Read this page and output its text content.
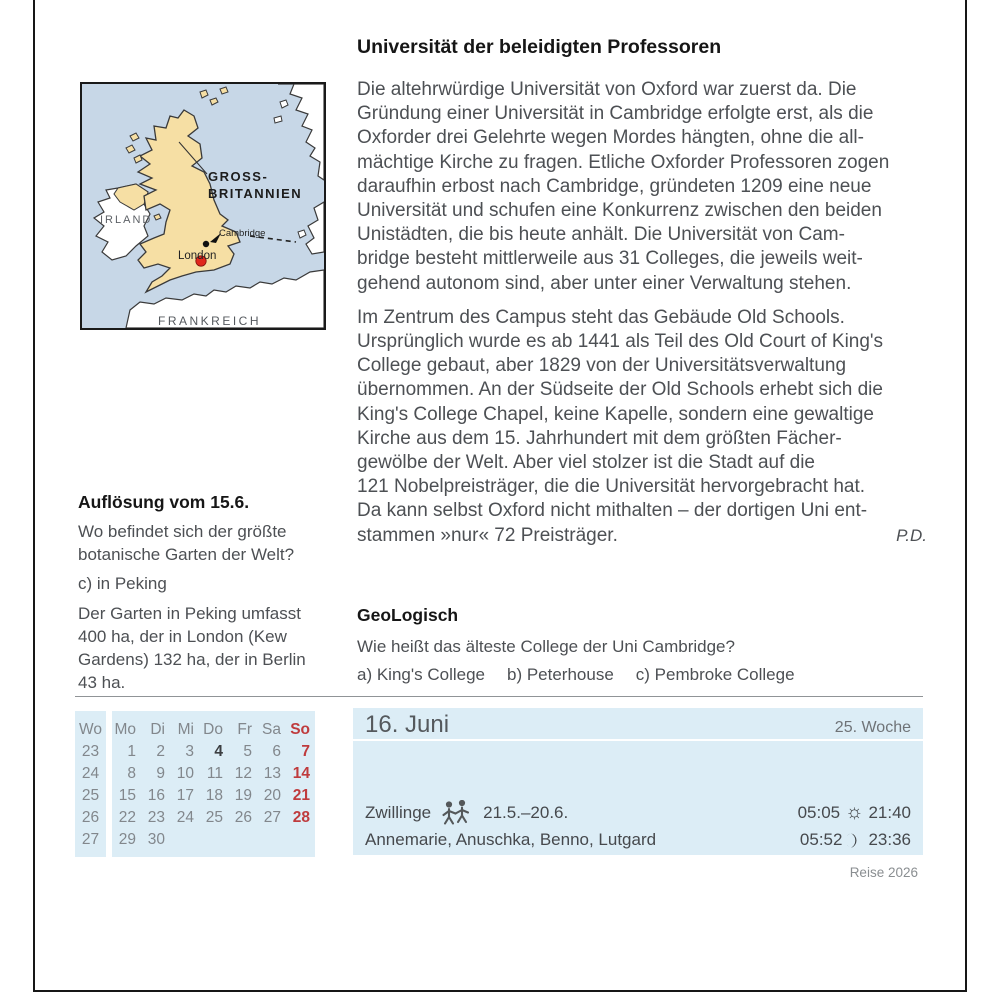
GROSS-
BRITANNIEN
IRLAND
FRANKREICH
Cambridge
London
Universität der beleidigten Professoren
Die altehrwürdige Universität von Oxford war zuerst da. Die
Gründung einer Universität in Cambridge erfolgte erst, als die
Oxforder drei Gelehrte wegen Mordes hängten, ohne die all-
mächtige Kirche zu fragen. Etliche Oxforder Professoren zogen
daraufhin erbost nach Cambridge, gründeten 1209 eine neue
Universität und schufen eine Konkurrenz zwischen den beiden
Unistädten, die bis heute anhält. Die Universität von Cam-
bridge besteht mittlerweile aus 31 Colleges, die jeweils weit-
gehend autonom sind, aber unter einer Verwaltung stehen.
Im Zentrum des Campus steht das Gebäude Old Schools.
Ursprünglich wurde es ab 1441 als Teil des Old Court of King's
College gebaut, aber 1829 von der Universitätsverwaltung
übernommen. An der Südseite der Old Schools erhebt sich die
King's College Chapel, keine Kapelle, sondern eine gewaltige
Kirche aus dem 15. Jahrhundert mit dem größten Fächer-
gewölbe der Welt. Aber viel stolzer ist die Stadt auf die
121 Nobelpreisträger, die die Universität hervorgebracht hat.
Da kann selbst Oxford nicht mithalten – der dortigen Uni ent-
stammen »nur« 72 Preisträger.	P.D.
Auflösung vom 15.6.
Wo befindet sich der größte
botanische Garten der Welt?
c) in Peking
Der Garten in Peking umfasst
400 ha, der in London (Kew
Gardens) 132 ha, der in Berlin
43 ha.
GeoLogisch
Wie heißt das älteste College der Uni Cambridge?
a) King's College b) Peterhouse c) Pembroke College
Wo Mo Di Mi Do Fr Sa So
23	1	2	3	4	5	6	7
24	8	9 10 11 12 13 14
25	15 16 17 18 19 20 21
26	22 23 24 25 26 27 28
27	29 30
16. Juni	25. Woche
Zwillinge	21.5.–20.6.	05:05 ☼ 21:40
Annemarie, Anuschka, Benno, Lutgard	05:52 23:36
Reise 2026
